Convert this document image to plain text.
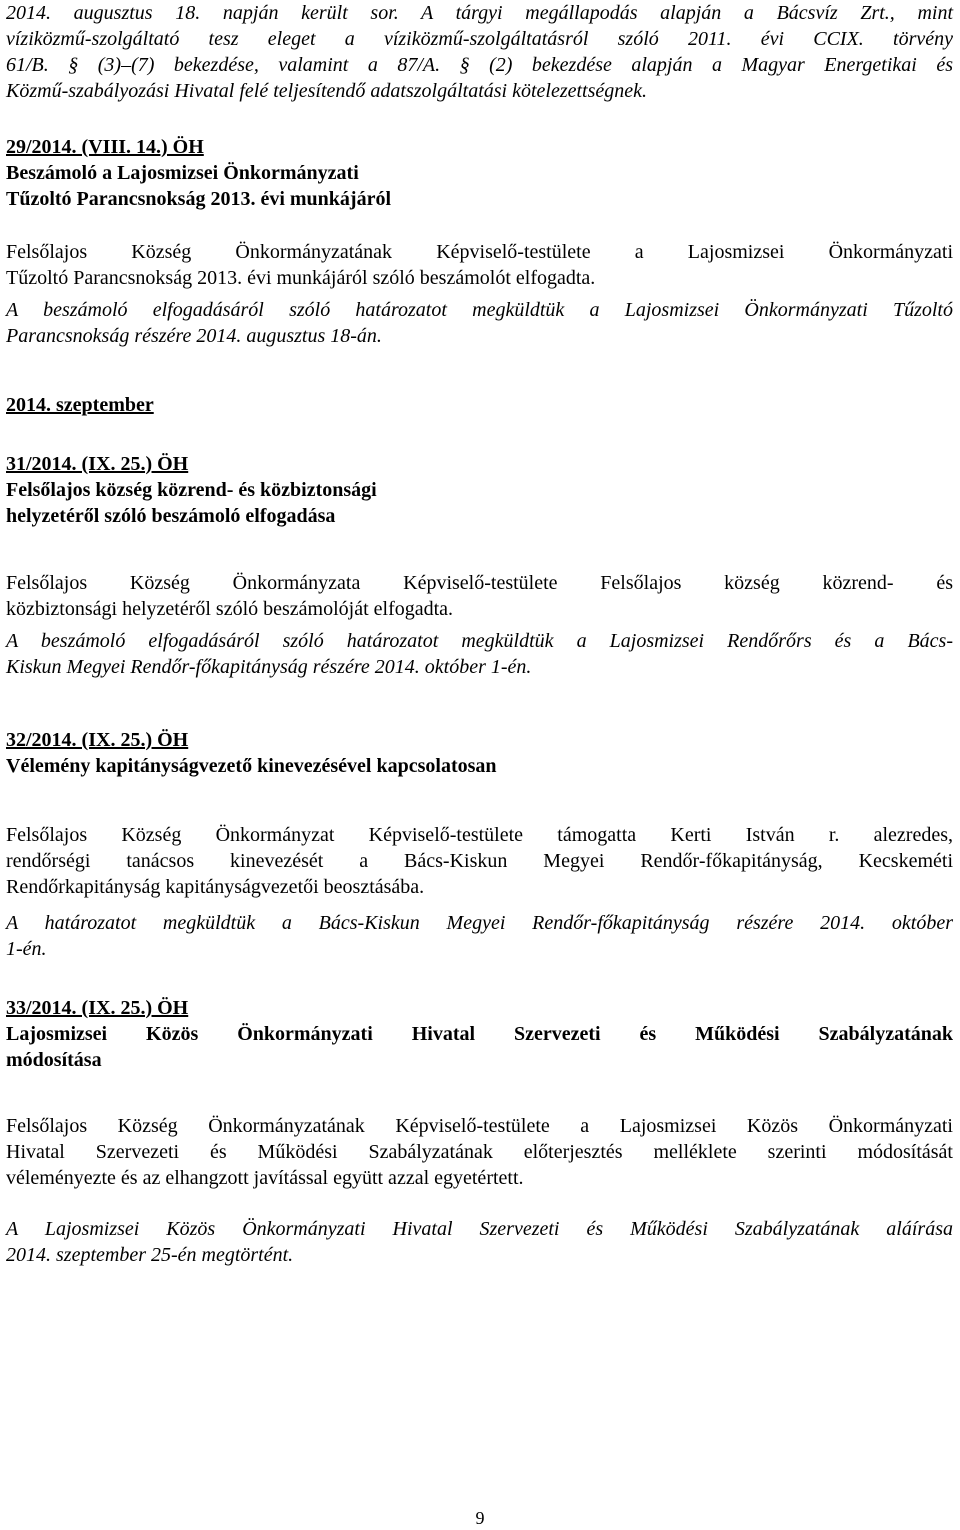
2014. augusztus 18. napján került sor. A tárgyi megállapodás alapján a Bácsvíz Zrt., mint
víziközmű-szolgáltató tesz eleget a víziközmű-szolgáltatásról szóló 2011. évi CCIX. törvény
61/B. § (3)–(7) bekezdése, valamint a 87/A. § (2) bekezdése alapján a Magyar Energetikai és
Közmű-szabályozási Hivatal felé teljesítendő adatszolgáltatási kötelezettségnek.

29/2014. (VIII. 14.) ÖH

Beszámoló a Lajosmizsei Önkormányzati
Tűzoltó Parancsnokság 2013. évi munkájáról

Felsőlajos Község Önkormányzatának Képviselő-testülete a Lajosmizsei Önkormányzati
Tűzoltó Parancsnokság 2013. évi munkájáról szóló beszámolót elfogadta.

A beszámoló elfogadásáról szóló határozatot megküldtük a Lajosmizsei Önkormányzati Tűzoltó
Parancsnokság részére 2014. augusztus 18-án.

2014. szeptember

31/2014. (IX. 25.) ÖH

Felsőlajos község közrend- és közbiztonsági
helyzetéről szóló beszámoló elfogadása

Felsőlajos Község Önkormányzata Képviselő-testülete Felsőlajos község közrend- és
közbiztonsági helyzetéről szóló beszámolóját elfogadta.

A beszámoló elfogadásáról szóló határozatot megküldtük a Lajosmizsei Rendőrőrs és a Bács-
Kiskun Megyei Rendőr-főkapitányság részére 2014. október 1-én.

32/2014. (IX. 25.) ÖH

Vélemény kapitányságvezető kinevezésével kapcsolatosan

Felsőlajos Község Önkormányzat Képviselő-testülete támogatta Kerti István r. alezredes,
rendőrségi tanácsos kinevezését a Bács-Kiskun Megyei Rendőr-főkapitányság, Kecskeméti
Rendőrkapitányság kapitányságvezetői beosztásába.

A határozatot megküldtük a Bács-Kiskun Megyei Rendőr-főkapitányság részére 2014. október
1-én.

33/2014. (IX. 25.) ÖH

Lajosmizsei Közös Önkormányzati Hivatal Szervezeti és Működési Szabályzatának
módosítása

Felsőlajos Község Önkormányzatának Képviselő-testülete a Lajosmizsei Közös Önkormányzati
Hivatal Szervezeti és Működési Szabályzatának előterjesztés melléklete szerinti módosítását
véleményezte és az elhangzott javítással együtt azzal egyetértett.

A Lajosmizsei Közös Önkormányzati Hivatal Szervezeti és Működési Szabályzatának aláírása
2014. szeptember 25-én megtörtént.

9
